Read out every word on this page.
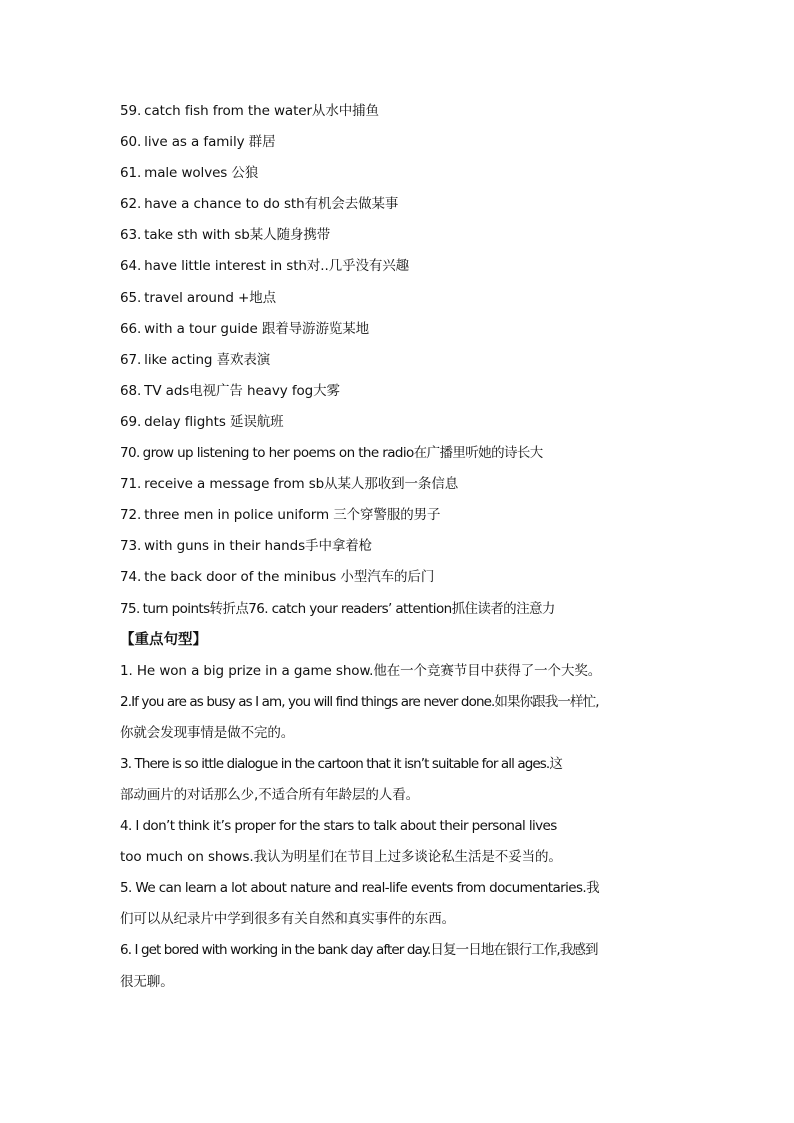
59. catch fish from the water从水中捕鱼
60. live as a family 群居
61. male wolves 公狼
62. have a chance to do sth有机会去做某事
63. take sth with sb某人随身携带
64. have little interest in sth对..几乎没有兴趣
65. travel around +地点
66. with a tour guide 跟着导游游览某地
67. like acting 喜欢表演
68. TV ads电视广告 heavy fog大雾
69. delay flights 延误航班
70. grow up listening to her poems on the radio在广播里听她的诗长大
71. receive a message from sb从某人那收到一条信息
72. three men in police uniform 三个穿警服的男子
73. with guns in their hands手中拿着枪
74. the back door of the minibus 小型汽车的后门
75. turn points转折点76. catch your readers’ attention抓住读者的注意力
【重点句型】
1. He won a big prize in a game show.他在一个竞赛节目中获得了一个大奖。
2.If you are as busy as I am, you will find things are never done.如果你跟我一样忙,
你就会发现事情是做不完的。
3. There is so ittle dialogue in the cartoon that it isn’t suitable for all ages.这
部动画片的对话那么少,不适合所有年龄层的人看。
4. I don’t think it’s proper for the stars to talk about their personal lives
too much on shows.我认为明星们在节目上过多谈论私生活是不妥当的。
5. We can learn a lot about nature and real-life events from documentaries.我
们可以从纪录片中学到很多有关自然和真实事件的东西。
6. I get bored with working in the bank day after day.日复一日地在银行工作,我感到
很无聊。
